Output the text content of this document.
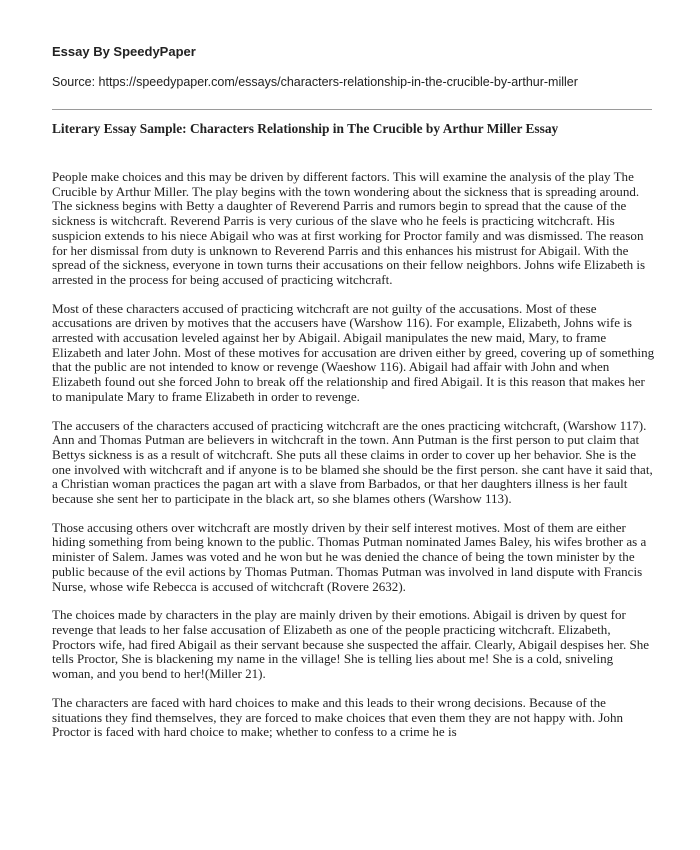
Essay By SpeedyPaper
Source: https://speedypaper.com/essays/characters-relationship-in-the-crucible-by-arthur-miller
Literary Essay Sample: Characters Relationship in The Crucible by Arthur Miller Essay

People make choices and this may be driven by different factors. This will examine the analysis of the play The Crucible by Arthur Miller. The play begins with the town wondering about the sickness that is spreading around. The sickness begins with Betty a daughter of Reverend Parris and rumors begin to spread that the cause of the sickness is witchcraft. Reverend Parris is very curious of the slave who he feels is practicing witchcraft. His suspicion extends to his niece Abigail who was at first working for Proctor family and was dismissed. The reason for her dismissal from duty is unknown to Reverend Parris and this enhances his mistrust for Abigail. With the spread of the sickness, everyone in town turns their accusations on their fellow neighbors. Johns wife Elizabeth is arrested in the process for being accused of practicing witchcraft.

Most of these characters accused of practicing witchcraft are not guilty of the accusations. Most of these accusations are driven by motives that the accusers have (Warshow 116). For example, Elizabeth, Johns wife is arrested with accusation leveled against her by Abigail. Abigail manipulates the new maid, Mary, to frame Elizabeth and later John. Most of these motives for accusation are driven either by greed, covering up of something that the public are not intended to know or revenge (Waeshow 116). Abigail had affair with John and when Elizabeth found out she forced John to break off the relationship and fired Abigail. It is this reason that makes her to manipulate Mary to frame Elizabeth in order to revenge.

The accusers of the characters accused of practicing witchcraft are the ones practicing witchcraft, (Warshow 117). Ann and Thomas Putman are believers in witchcraft in the town. Ann Putman is the first person to put claim that Bettys sickness is as a result of witchcraft. She puts all these claims in order to cover up her behavior. She is the one involved with witchcraft and if anyone is to be blamed she should be the first person. she cant have it said that, a Christian woman practices the pagan art with a slave from Barbados, or that her daughters illness is her fault because she sent her to participate in the black art, so she blames others (Warshow 113).

Those accusing others over witchcraft are mostly driven by their self interest motives. Most of them are either hiding something from being known to the public. Thomas Putman nominated James Baley, his wifes brother as a minister of Salem. James was voted and he won but he was denied the chance of being the town minister by the public because of the evil actions by Thomas Putman. Thomas Putman was involved in land dispute with Francis Nurse, whose wife Rebecca is accused of witchcraft (Rovere 2632).

The choices made by characters in the play are mainly driven by their emotions. Abigail is driven by quest for revenge that leads to her false accusation of Elizabeth as one of the people practicing witchcraft. Elizabeth, Proctors wife, had fired Abigail as their servant because she suspected the affair. Clearly, Abigail despises her. She tells Proctor, She is blackening my name in the village! She is telling lies about me! She is a cold, sniveling woman, and you bend to her!(Miller 21).

The characters are faced with hard choices to make and this leads to their wrong decisions. Because of the situations they find themselves, they are forced to make choices that even them they are not happy with. John Proctor is faced with hard choice to make; whether to confess to a crime he is
